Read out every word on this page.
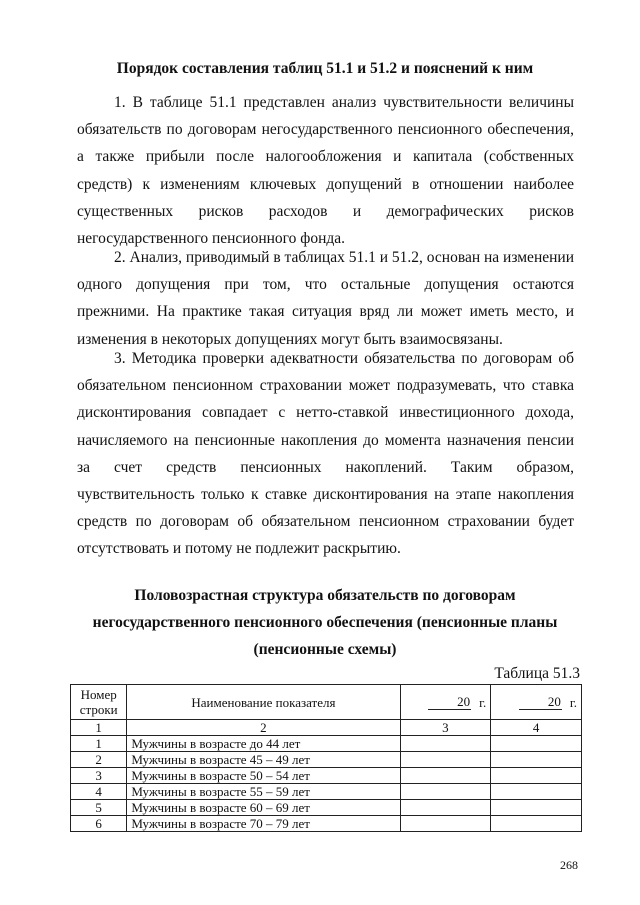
Порядок составления таблиц 51.1 и 51.2 и пояснений к ним

1. В таблице 51.1 представлен анализ чувствительности величины обязательств по договорам негосударственного пенсионного обеспечения, а также прибыли после налогообложения и капитала (собственных средств) к изменениям ключевых допущений в отношении наиболее существенных рисков расходов и демографических рисков негосударственного пенсионного фонда.

2. Анализ, приводимый в таблицах 51.1 и 51.2, основан на изменении одного допущения при том, что остальные допущения остаются прежними. На практике такая ситуация вряд ли может иметь место, и изменения в некоторых допущениях могут быть взаимосвязаны.

3. Методика проверки адекватности обязательства по договорам об обязательном пенсионном страховании может подразумевать, что ставка дисконтирования совпадает с нетто-ставкой инвестиционного дохода, начисляемого на пенсионные накопления до момента назначения пенсии за счет средств пенсионных накоплений. Таким образом, чувствительность только к ставке дисконтирования на этапе накопления средств по договорам об обязательном пенсионном страховании будет отсутствовать и потому не подлежит раскрытию.

Половозрастная структура обязательств по договорам
негосударственного пенсионного обеспечения (пенсионные планы
(пенсионные схемы)

Таблица 51.3

Номер строки	Наименование показателя	20 г.	20 г.

1	2	3	4
1	Мужчины в возрасте до 44 лет		
2	Мужчины в возрасте 45 – 49 лет		
3	Мужчины в возрасте 50 – 54 лет		
4	Мужчины в возрасте 55 – 59 лет		
5	Мужчины в возрасте 60 – 69 лет		
6	Мужчины в возрасте 70 – 79 лет		

268
